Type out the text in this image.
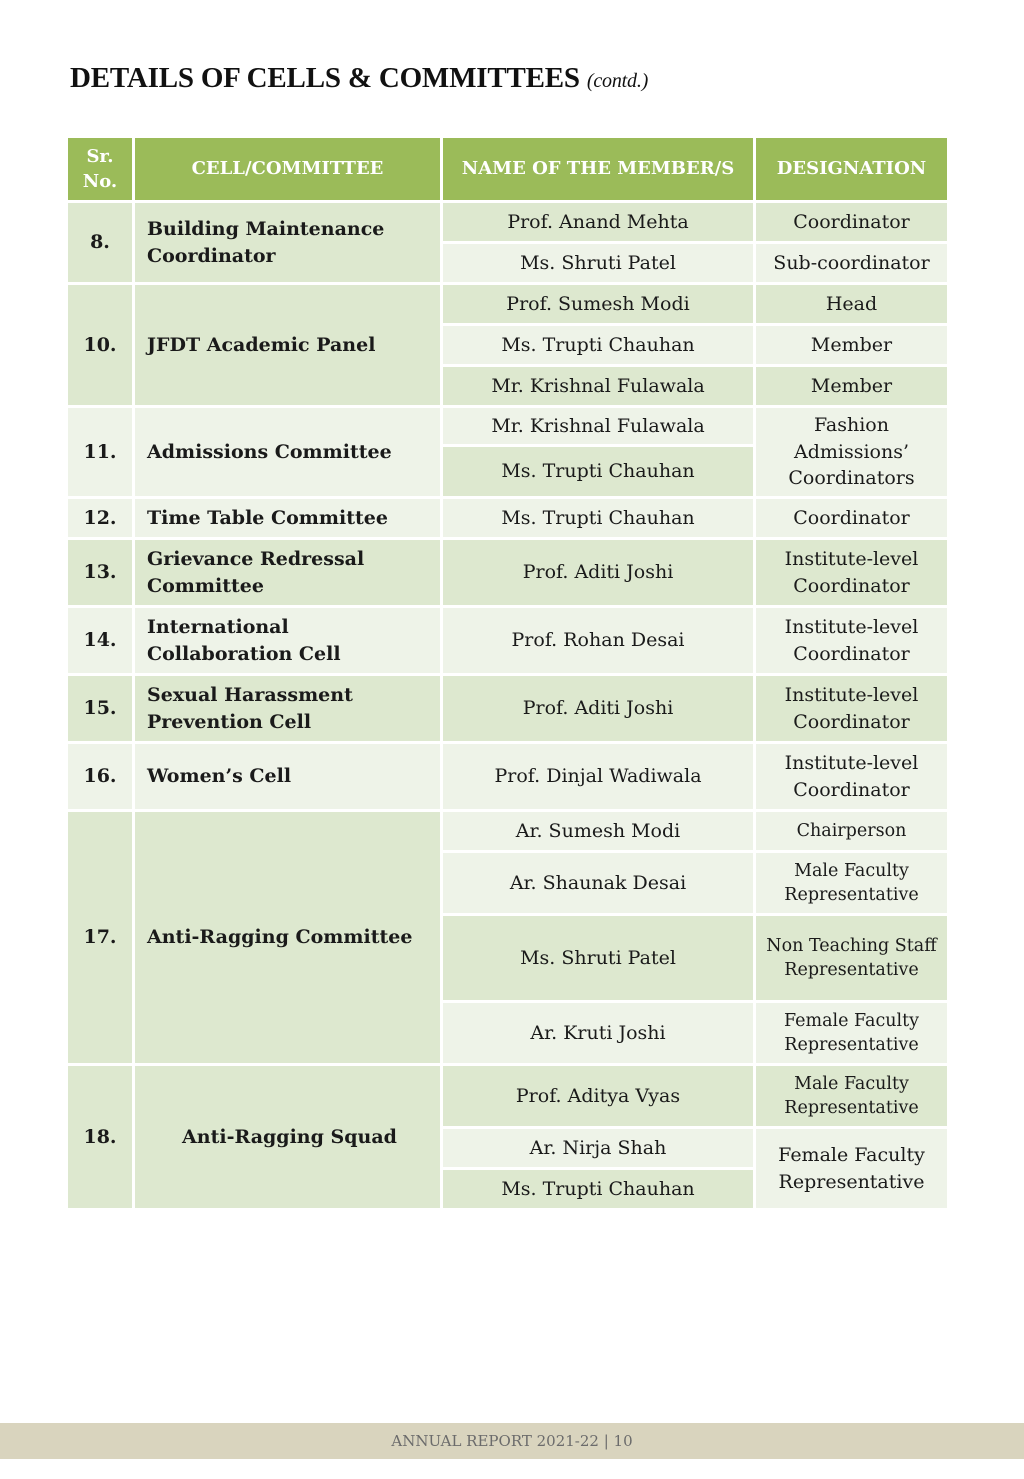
DETAILS OF CELLS & COMMITTEES (contd.)
Sr. No.	CELL/COMMITTEE	NAME OF THE MEMBER/S	DESIGNATION
8.	Building Maintenance Coordinator	Prof. Anand Mehta	Coordinator
		Ms. Shruti Patel	Sub-coordinator
10.	JFDT Academic Panel	Prof. Sumesh Modi	Head
		Ms. Trupti Chauhan	Member
		Mr. Krishnal Fulawala	Member
11.	Admissions Committee	Mr. Krishnal Fulawala	Fashion Admissions’ Coordinators
		Ms. Trupti Chauhan	
12.	Time Table Committee	Ms. Trupti Chauhan	Coordinator
13.	Grievance Redressal Committee	Prof. Aditi Joshi	Institute-level Coordinator
14.	International Collaboration Cell	Prof. Rohan Desai	Institute-level Coordinator
15.	Sexual Harassment Prevention Cell	Prof. Aditi Joshi	Institute-level Coordinator
16.	Women’s Cell	Prof. Dinjal Wadiwala	Institute-level Coordinator
17.	Anti-Ragging Committee	Ar. Sumesh Modi	Chairperson
		Ar. Shaunak Desai	Male Faculty Representative
		Ms. Shruti Patel	Non Teaching Staff Representative
		Ar. Kruti Joshi	Female Faculty Representative
18.	Anti-Ragging Squad	Prof. Aditya Vyas	Male Faculty Representative
		Ar. Nirja Shah	Female Faculty Representative
		Ms. Trupti Chauhan	
ANNUAL REPORT 2021-22 | 10
